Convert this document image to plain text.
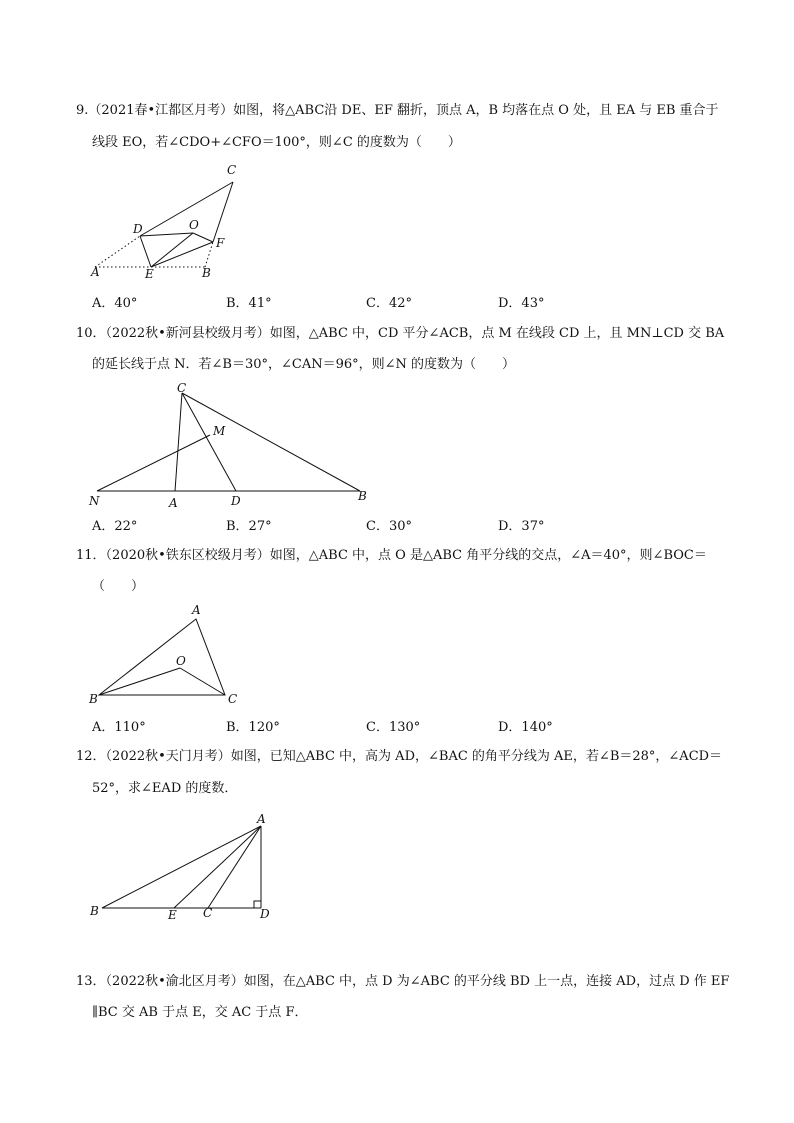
9.（2021春•江都区月考）如图，将△ABC沿 DE、EF 翻折，顶点 A，B 均落在点 O 处，且 EA 与 EB 重合于
线段 EO，若∠CDO+∠CFO＝100°，则∠C 的度数为（　　）
A	B
C
D
E
F
O
A．40°	B．41°	C．42°	D．43°
10．（2022秋•新河县校级月考）如图，△ABC 中，CD 平分∠ACB，点 M 在线段 CD 上，且 MN⊥CD 交 BA
的延长线于点 N．若∠B＝30°，∠CAN＝96°，则∠N 的度数为（　　）
C
M
N	A	D	B
A．22°	B．27°	C．30°	D．37°
11．（2020秋•铁东区校级月考）如图，△ABC 中，点 O 是△ABC 角平分线的交点，∠A＝40°，则∠BOC＝
（　　）
A
B	C
O
A．110°	B．120°	C．130°	D．140°
12．（2022秋•天门月考）如图，已知△ABC 中，高为 AD，∠BAC 的角平分线为 AE，若∠B＝28°，∠ACD＝
52°，求∠EAD 的度数．
A
B	E C	D
13．（2022秋•渝北区月考）如图，在△ABC 中，点 D 为∠ABC 的平分线 BD 上一点，连接 AD，过点 D 作 EF
∥BC 交 AB 于点 E，交 AC 于点 F．
